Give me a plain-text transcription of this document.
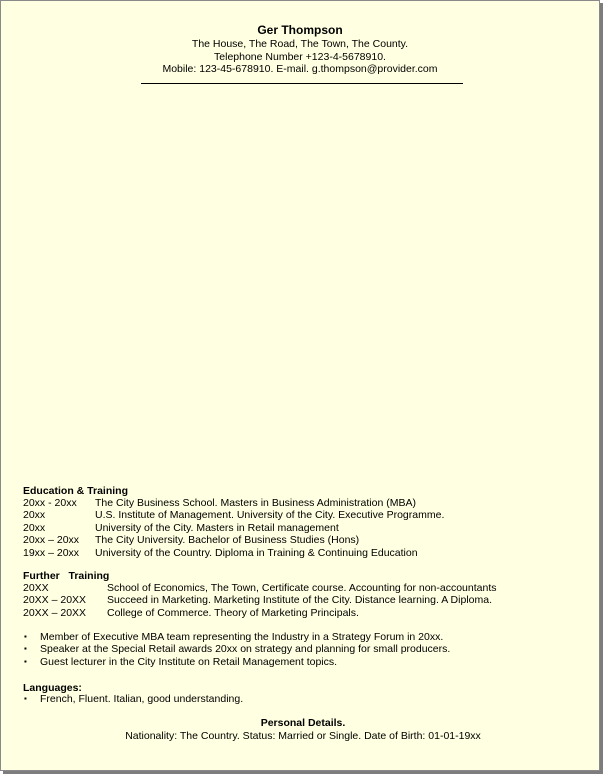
Ger Thompson
The House, The Road, The Town, The County.
Telephone Number +123-4-5678910.
Mobile: 123-45-678910. E-mail. g.thompson@provider.com
Education & Training
20xx - 20xx	The City Business School. Masters in Business Administration (MBA)
20xx	U.S. Institute of Management. University of the City. Executive Programme.
20xx	University of the City. Masters in Retail management
20xx – 20xx	The City University. Bachelor of Business Studies (Hons)
19xx – 20xx	University of the Country. Diploma in Training & Continuing Education
Further   Training
20XX	School of Economics, The Town, Certificate course. Accounting for non-accountants
20XX – 20XX	Succeed in Marketing. Marketing Institute of the City. Distance learning. A Diploma.
20XX – 20XX	College of Commerce. Theory of Marketing Principals.
▪	Member of Executive MBA team representing the Industry in a Strategy Forum in 20xx.
▪	Speaker at the Special Retail awards 20xx on strategy and planning for small producers.
▪	Guest lecturer in the City Institute on Retail Management topics.
Languages:
▪	French, Fluent. Italian, good understanding.
Personal Details.
Nationality: The Country. Status: Married or Single. Date of Birth: 01-01-19xx
